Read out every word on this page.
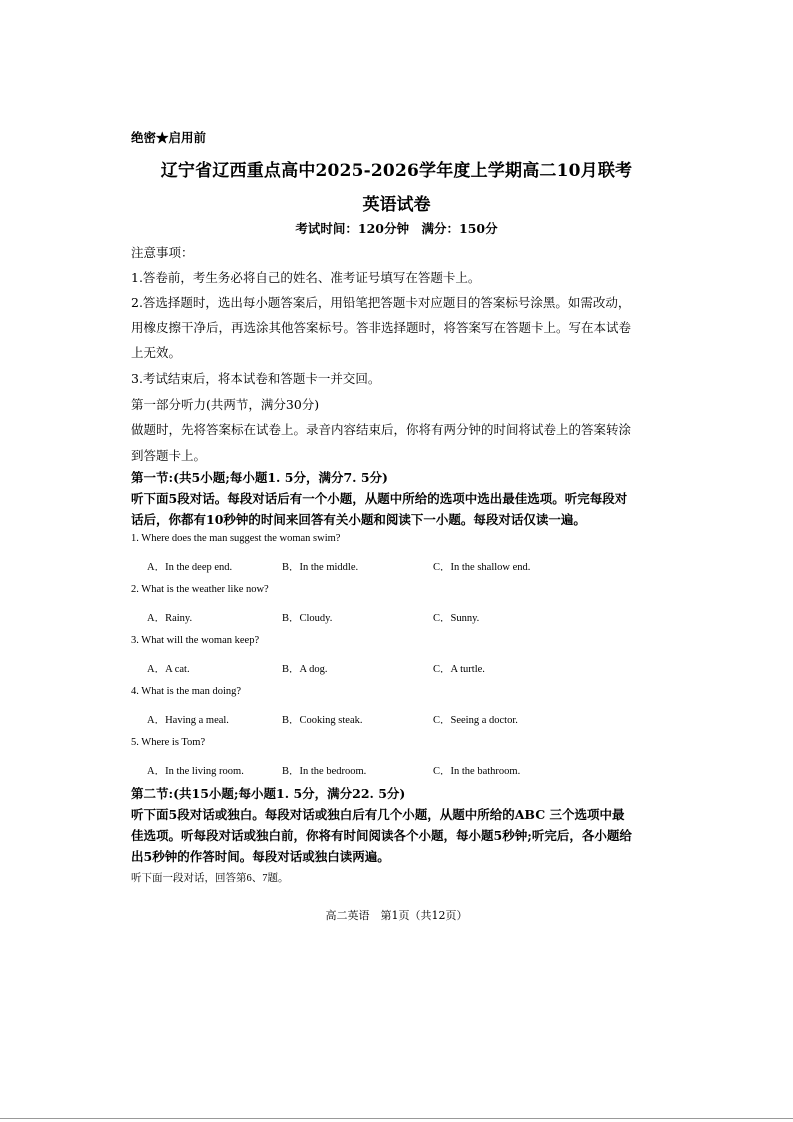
绝密★启用前
辽宁省辽西重点高中2025-2026学年度上学期高二10月联考
英语试卷
考试时间：120分钟　满分：150分
注意事项：
1.答卷前，考生务必将自己的姓名、准考证号填写在答题卡上。
2.答选择题时，选出每小题答案后，用铅笔把答题卡对应题目的答案标号涂黑。如需改动，
用橡皮擦干净后，再选涂其他答案标号。答非选择题时，将答案写在答题卡上。写在本试卷
上无效。
3.考试结束后，将本试卷和答题卡一并交回。
第一部分听力(共两节，满分30分)
做题时，先将答案标在试卷上。录音内容结束后，你将有两分钟的时间将试卷上的答案转涂
到答题卡上。
第一节:(共5小题;每小题1. 5分，满分7. 5分)
听下面5段对话。每段对话后有一个小题，从题中所给的选项中选出最佳选项。听完每段对
话后，你都有10秒钟的时间来回答有关小题和阅读下一小题。每段对话仅读一遍。
1. Where does the man suggest the woman swim?
A．In the deep end.	B．In the middle.	C．In the shallow end.
2. What is the weather like now?
A．Rainy.	B．Cloudy.	C．Sunny.
3. What will the woman keep?
A．A cat.	B．A dog.	C．A turtle.
4. What is the man doing?
A．Having a meal.	B．Cooking steak.	C．Seeing a doctor.
5. Where is Tom?
A．In the living room.	B．In the bedroom.	C．In the bathroom.
第二节:(共15小题;每小题1. 5分，满分22. 5分)
听下面5段对话或独白。每段对话或独白后有几个小题，从题中所给的ABC 三个选项中最
佳选项。听每段对话或独白前，你将有时间阅读各个小题，每小题5秒钟;听完后，各小题给
出5秒钟的作答时间。每段对话或独白读两遍。
听下面一段对话，回答第6、7题。
高二英语　第1页（共12页）
